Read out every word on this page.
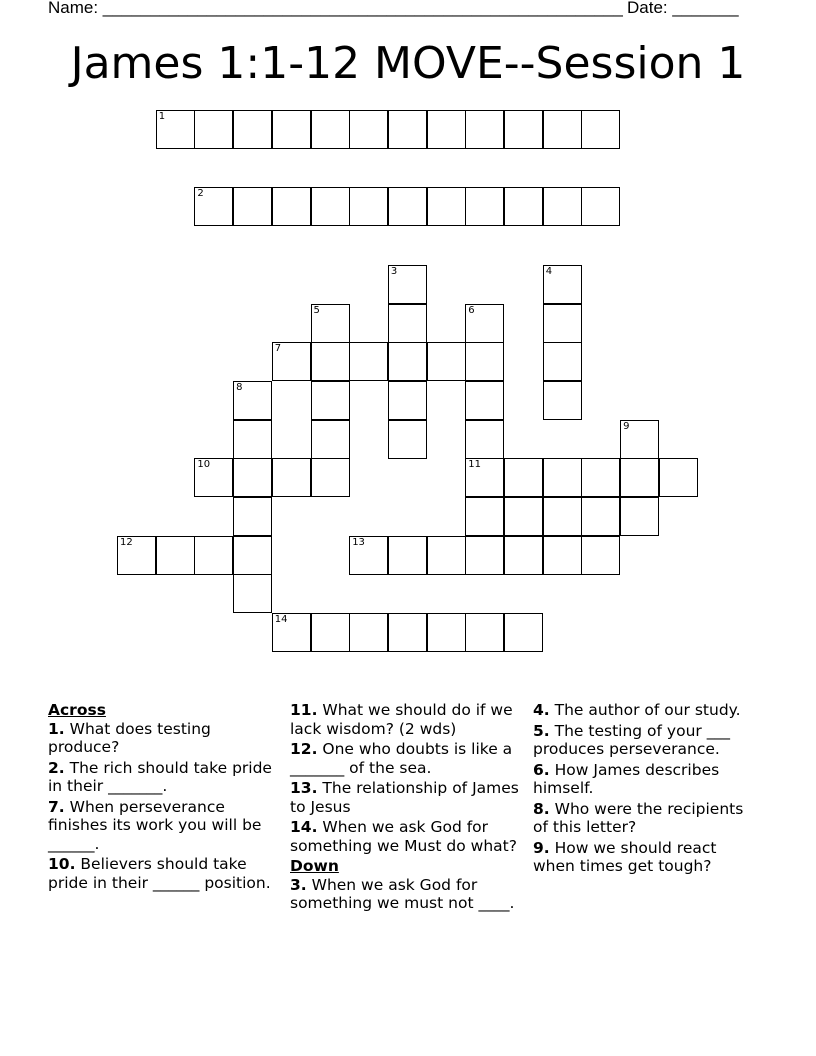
Name: _______________________________________________________ Date: _______
James 1:1-12 MOVE--Session 1
1
2
3	4
5	6
11
7
8
9
10
12	13
14
Across
1. What does testing produce?
2. The rich should take pride in their _______.
7. When perseverance finishes its work you will be ______.
10. Believers should take pride in their ______ position.
11. What we should do if we lack wisdom? (2 wds)
12. One who doubts is like a _______ of the sea.
13. The relationship of James to Jesus
14. When we ask God for something we Must do what?
Down
3. When we ask God for something we must not ____.
4. The author of our study.
5. The testing of your ___ produces perseverance.
6. How James describes himself.
8. Who were the recipients of this letter?
9. How we should react when times get tough?
